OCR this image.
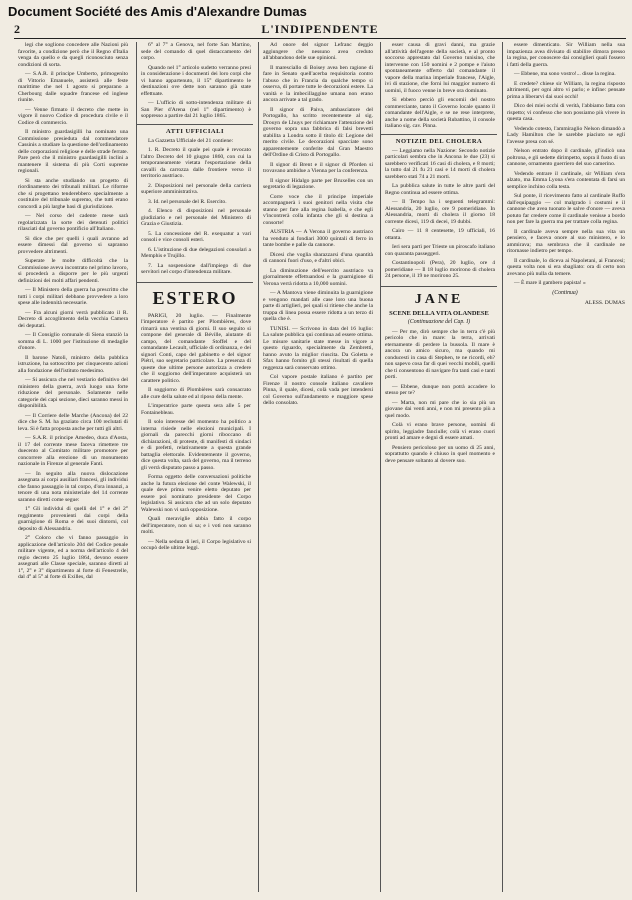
Document Société des Amis d'Alexandre Dumas
2	L'INDIPENDENTE

legi che sogliono concedere alle Nazioni più favorite, a condizione però che il Regno d'Italia venga da quello e da quegli riconosciuto senza condizioni di sorta.

— S.A.R. il principe Umberto, primogenito di Vittorio Emanuele, assisterà alle feste marittime che nel 1 agosto si preparano a Cherbourg dalle squadre francese ed inglese riunite.

— Venne firmato il decreto che mette in vigore il nuovo Codice di procedura civile e il Codice di commercio.

Il ministro guardasigilli ha nominato una Commissione presieduta dal commendatore Cassinis a studiare la questione dell'ordinamento delle corporazioni religiose e delle strade ferrate. Pare però che il ministro guardasigilli inclini a mantenere il sistema di più Corti supreme regionali.

Si sta anche studiando un progetto di riordinamento dei tribunali militari. Le riforme che si progettano tenderebbero specialmente a costituire del tribunale supremo, che tutti erano concordi a più larghe basi di giurisdizione.

— Nel corso del cadente mese sarà regolarizzata la sorte dei detenuti politici rilasciati dal governo pontificio all'Italiano.

Si dice che per quelli i quali avranno ad essere dimessi dal governo si sapranno provvedere altrimenti.

Superate le molte difficoltà che la Commissione aveva incontrato nel primo lavoro, si procederà a disporre per le più urgenti definizioni dei molti affari pendenti.

— Il Ministero della guerra ha prescritto che tutti i corpi militari debbano provvedere a loro spese alle indennità necessarie.

— Fra alcuni giorni verrà pubblicato il R. Decreto di accoglimento della vecchia Camera dei deputati.

— Il Consiglio comunale di Siena stanziò la somma di L. 1000 per l'istituzione di medaglie d'onore.

Il barone Natoli, ministro della pubblica istruzione, ha sottoscritto per cinquecento azioni alla fondazione dell'istituto medesimo.

— Si assicura che nel vestiario definitivo del ministero della guerra, avrà luogo una forte riduzione del personale. Solamente nelle categorie dei capi sezione, dieci saranno messi in disponibilità.

— Il Corriere delle Marche (Ancona) del 22 dice che S. M. ha graziato circa 100 reclutati di leva. Si è fatta proposta anche per tutti gli altri.

— S.A.R. il principe Amedeo, duca d'Aosta, il 17 del corrente mese faceva rimettere tre duecento al Comitato militare promotore per concorrere alla erezione di un monumento nazionale in Firenze al generale Fanti.

— In seguito alla nuova dislocazione assegnata ai corpi ausiliari francesi, gli individui che fanno passaggio in tal corpo, d'ora innanzi, a tenore di una nota ministeriale del 14 corrente saranno diretti come segue:

1° Gli individui di quelli del 1° e del 2° reggimento provenienti dai corpi della guarnigione di Roma e dei suoi dintorni, col deposito di Alessandria.

2° Coloro che vi fanno passaggio in applicazione dell'articolo 204 del Codice penale militare vigente, ed a norma dell'articolo 4 del regio decreto 25 luglio 1864, devono essere assegnati alle Classe speciale, saranno diretti al 1°, 2° e 3° dipartimento al forte di Fenestrelle, dal 4° al 5° al forte di Exilles, dal

6° al 7° a Genova, nel forte San Martino, sede del comando di quel distaccamento del corpo.

Quando nel 1° articolo sudetto verranno presi in considerazione i documenti dei loro corpi che vi hanno appartenuto, il 15° dipartimento le destinazioni ove dette non saranno già state effettuate.

— L'ufficio di sotto-intendenza militare di San Pier d'Arena (nel 1° dipartimento) è soppresso a partire dal 21 luglio 1865.

ATTI UFFICIALI

La Gazzetta Ufficiale del 21 contiene:

1. R. Decreto il quale pei quale è revocato l'altro Decreto del 10 giugno 1860, con cui la temporaneamente vietata l'esportazione della cavalli da carrozza dalle frontiere verso il territorio austriaco.

2. Disposizioni nel personale della carriera superiore amministrativa.

3. Id. nel personale del R. Esercito.

4. Elenco di disposizioni nel personale giudiziario e nel personale del Ministero di Grazia e Giustizia.

5. La concessione del R. exequatur a vari consoli e vice consoli esteri.

6. L'istituzione di due delegazioni consolari a Memphis e Trujillo.

7. La sospensione dall'impiego di due servitori nel corpo d'intendenza militare.

ESTERO

PARIGI, 20 luglio. — Finalmente l'imperatore è partito per Plombières, dove rimarrà una ventina di giorni. Il suo seguito si compone del generale di Béville, aiutante di campo, del comandante Stoffel e del comandante Lecault, ufficiale di ordinanza, e dei signori Conti, capo del gabinetto e del signor Piétri, suo segretario particolare. La presenza di queste due ultime persone autorizza a credere che il soggiorno dell'imperatore acquisterà un carattere politico.

Il soggiorno di Plombières sarà consacrato alle cure della salute ed al riposo della mente.

L'imperatrice parte questa sera alle 5 per Fontainebleau.

Il solo interesse del momento ha politico a interna risiede nelle elezioni municipali. I giornali da parecchi giorni riboccano di dichiarazioni, di proteste, di manifesti di sindaci e di prefetti, relativamente a questa grande battaglia elettorale. Evidentemente il governo, dice questa volta, sarà del governo, ma il terreno gli verrà disputato passo a passo.

Forma oggetto delle conversazioni politiche anche la futura elezione del conte Walewski, il quale deve prima venire eletto deputato per essere poi nominato presidente del Corpo legislativo. Si assicura che ad un solo deputato Walewski non vi sarà opposizione.

Quali meraviglie abbia fatto il corpo dell'imperatore, non si sa; e i voti non saranno molti.

— Nella seduta di ieri, il Corpo legislativo si occupò delle ultime leggi.

Ad onore del signor Lefranc deggio aggiungere che nessuno avea creduto all'abbandono delle sue opinioni.

Il maresciallo di Boisey avea ben ragione di fare in Senato quell'acerba requisitoria contro l'abuso che in Francia da qualche tempo si osserva, di portare tutte le decorazioni estere. La vanità e la imbecillaggine umana non erano ancora arrivate a tal grado.

Il signor di Paiva, ambasciatore del Portogallo, ha scritto recentemente al sig. Drouyn de Lhuys per richiamare l'attenzione del governo sopra una fabbrica di falsi brevetti stabilita a Londra sotto il titolo di: Legione del merito civile. Le decorazioni spacciate sono apparentemente conferite dal Gran Maestro dell'Ordine di Cristo di Portogallo.

Il signor di Brent e il signor di Pforden si trovavano ambidue a Vienna per la conferenza.

Il signor Hidalgo parte per Bruxelles con un segretario di legazione.

Corre voce che il principe imperiale accompagnerà i suoi genitori nella visita che stanno per fare alla regina Isabella, e che egli v'incontrerà colla infanta che gli si destina a consorte!

AUSTRIA — A Verona il governo austriaco ha venduto ai fondiari 3000 quintali di ferro in tante bombe e palle da cannone.

Dicesi che voglia sbarazzarsi d'una quantità di cannoni fuori d'uso, e d'altri obici.

La diminuzione dell'esercito austriaco va giornalmente effettuandosi e la guarnigione di Verona verrà ridotta a 10,000 uomini.

— A Mantova viene diminuita la guarnigione e vengono mandati alle case loro una buona parte di artiglieri, pei quali si ritiene che anche la truppa di linea possa essere ridotta a un terzo di quella che è.

TUNISI. — Scrivono in data del 16 luglio: La salute pubblica qui continua ad essere ottima. Le misure sanitarie state messe in vigore a questo riguardo, specialmente da Zembretti, hanno avuto la miglior riuscita. Da Goletta e Sfax hanno fornito gli stessi risultati di quella reggenza sarà conservato ottimo.

Col vapore postale italiano è partito per Firenze il nostro console italiano cavaliere Pinna, il quale, dicesi, colà vada per intendersi col Governo sull'andamento e maggiore spese dello consolato.

esser causa di gravi danni, ma grazie all'attività dell'agente della società, e al pronto soccorso apprestato dal Governo tunisino, che intervenne con 150 uomini e 2 pompe e l'aiuto spontaneamente offerto dal comandante il vapore della marina imperiale francese, l'Aigle, ivi di stazione, che forni lui maggior numero di uomini, il fuoco venne in breve ora dominato.

Si ebbero perciò gli encomii del nostro commerciante, tanto il Governo locale quanto il comandante dell'Aigle, e se ne rese interprete, anche a nome della società Rubattino, il console italiano sig. cav. Pinna.

NOTIZIE DEL CHOLERA

— Leggiamo nella Nazione: Secondo notizie particolari sembra che in Ancona le due (23) si sarebbero verificati 16 casi di cholera, e 8 morti; la tutto dal 21 fu 21 casi e 14 morti di cholera sarebbero stati 74 a 21 morti.

La pubblica salute in tutte le altre parti del Regno continua ad essere ottima.

— Il Tempo ha i seguenti telegrammi: Alessandria, 20 luglio, ore 9 pomeridiane. In Alessandria, morti di cholera il giorno 18 corrente dicesi, 119 di decei, 19 dubbi.

Cairo — 11 8 centesette, 19 ufficiali, 16 ottanta.

Ieri sera partì per Trieste un piroscafo italiano con quaranta passeggeri.

Costantinopoli (Pera), 20 luglio, ore 4 pomeridiane — Il 18 luglio morirono di cholera 24 persone, il 19 ne morirono 25.

JANE
SCENE DELLA VITA OLANDESE
(Continuazione del Cap. I)

— Per me, dirò sempre che in terra c'è più pericolo che in mare: la terra, arrivati eternamente di perdere la bussola. Il mare è ancora un amico sicuro, ma quando mi conducesti in casa di Stephen, te ne ricordi, eh? non sapevo cosa far di quei vecchi mobili, quelli che ti consentono di navigare fra tanti casi e tanti porti.

— Ebbene, dunque non potrà accadere lo stesso per te?

— Marta, non mi pare che io sia più un giovane dai venti anni, e non mi presento più a quel modo.

Colà vi erano brave persone, uomini di spirito, leggiadre fanciulle; colà vi erano cuori pronti ad amare e degni di essere amati.

Pensiero pericoloso per un uomo di 25 anni, soprattutto quando è chiuso in quel momento e deve pensare soltanto al dovere suo.

essere dimenticato. Sir William nella sua impazienza avea divisato di stabilire dimora presso la regina, per conoscere dai consiglieri quali fossero i fatti della guerra.

— Ebbene, ma sono vostro!... disse la regina.

E credete? chiese sir William, la regina risposto altrimenti, per ogni altro vi parlo; e infine: pensate prima a liberarvi dai suoi occhi!

Dico dei miei occhi di verità, l'abbiamo fatta con rispetto; vi confesso che non possiamo più vivere in questa casa.

Vedendo cotesto, l'ammiraglio Nelson dimandò a Lady Hamilton che le sarebbe piaciuto se egli l'avesse presa con sé.

Nelson entrato dopo il cardinale, gl'indicò una poltrona, e gli sedette dirimpetto, sopra il fusto di un cannone, ornamento guerriero del suo camerino.

Vedendo entrare il cardinale, sir William s'era alzato, ma Emma Lyona s'era contentata di farsi un semplice inchino colla testa.

Sul ponte, il ricevimento fatto al cardinale Ruffo dall'equipaggio — col malgrado i costumi e il cannone che avea tuonato le salve d'onore — aveva potuto far credere come il cardinale venisse a bordo non per fare la guerra ma per trattare colla regina.

Il cardinale aveva sempre nella sua vita un pensiero, e faceva onore al suo ministero, e lo ammirava; ma sembrava che il cardinale ne ritornasse indietro per tempo.

Il cardinale, lo diceva ai Napoletani, ai Francesi; questa volta non si era sbagliato: ora di certo non avevano più nulla da temere.

— È mare il gambero papista! »

(Continua)

ALESS. DUMAS
